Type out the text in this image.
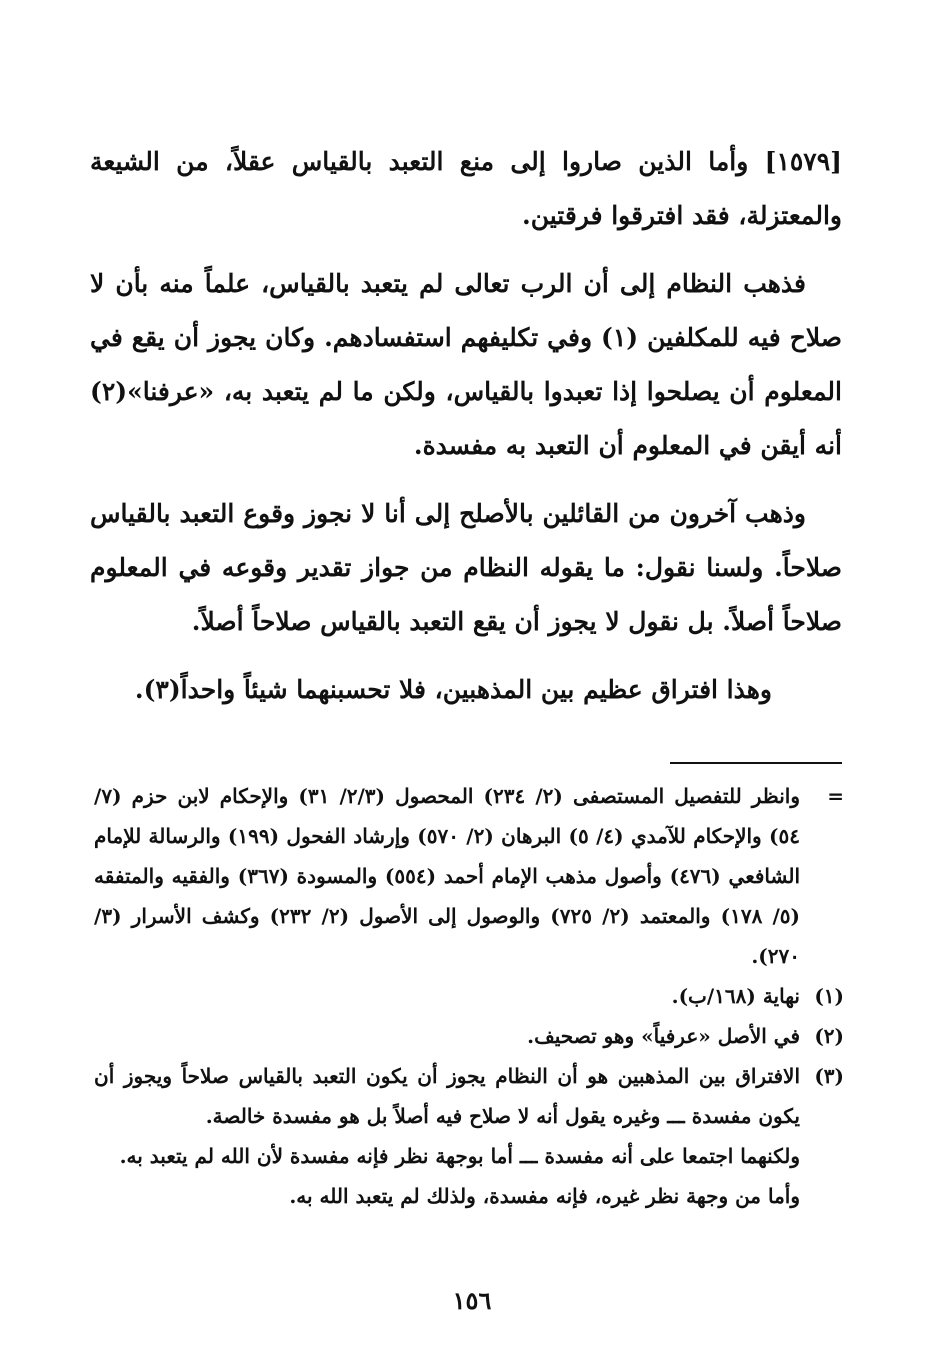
[١٥٧٩] وأما الذين صاروا إلى منع التعبد بالقياس عقلاً، من الشيعة والمعتزلة، فقد افترقوا فرقتين.

فذهب النظام إلى أن الرب تعالى لم يتعبد بالقياس، علماً منه بأن لا صلاح فيه للمكلفين (١) وفي تكليفهم استفسادهم. وكان يجوز أن يقع في المعلوم أن يصلحوا إذا تعبدوا بالقياس، ولكن ما لم يتعبد به، «عرفنا»(٢) أنه أيقن في المعلوم أن التعبد به مفسدة.

وذهب آخرون من القائلين بالأصلح إلى أنا لا نجوز وقوع التعبد بالقياس صلاحاً. ولسنا نقول: ما يقوله النظام من جواز تقدير وقوعه في المعلوم صلاحاً أصلاً. بل نقول لا يجوز أن يقع التعبد بالقياس صلاحاً أصلاً.

وهذا افتراق عظيم بين المذهبين، فلا تحسبنهما شيئاً واحداً(٣).

=

وانظر للتفصيل المستصفى (٢/ ٢٣٤) المحصول (٢/٣/ ٣١) والإحكام لابن حزم (٧/ ٥٤) والإحكام للآمدي (٤/ ٥) البرهان (٢/ ٥٧٠) وإرشاد الفحول (١٩٩) والرسالة للإمام الشافعي (٤٧٦) وأصول مذهب الإمام أحمد (٥٥٤) والمسودة (٣٦٧) والفقيه والمتفقه (٥/ ١٧٨) والمعتمد (٢/ ٧٢٥) والوصول إلى الأصول (٢/ ٢٣٢) وكشف الأسرار (٣/ ٢٧٠).

(١)

نهاية (١٦٨/ب).

(٢)

في الأصل «عرفياً» وهو تصحيف.

(٣)

الافتراق بين المذهبين هو أن النظام يجوز أن يكون التعبد بالقياس صلاحاً ويجوز أن يكون مفسدة ـــ وغيره يقول أنه لا صلاح فيه أصلاً بل هو مفسدة خالصة.

ولكنهما اجتمعا على أنه مفسدة ـــ أما بوجهة نظر فإنه مفسدة لأن الله لم يتعبد به.

وأما من وجهة نظر غيره، فإنه مفسدة، ولذلك لم يتعبد الله به.

١٥٦
